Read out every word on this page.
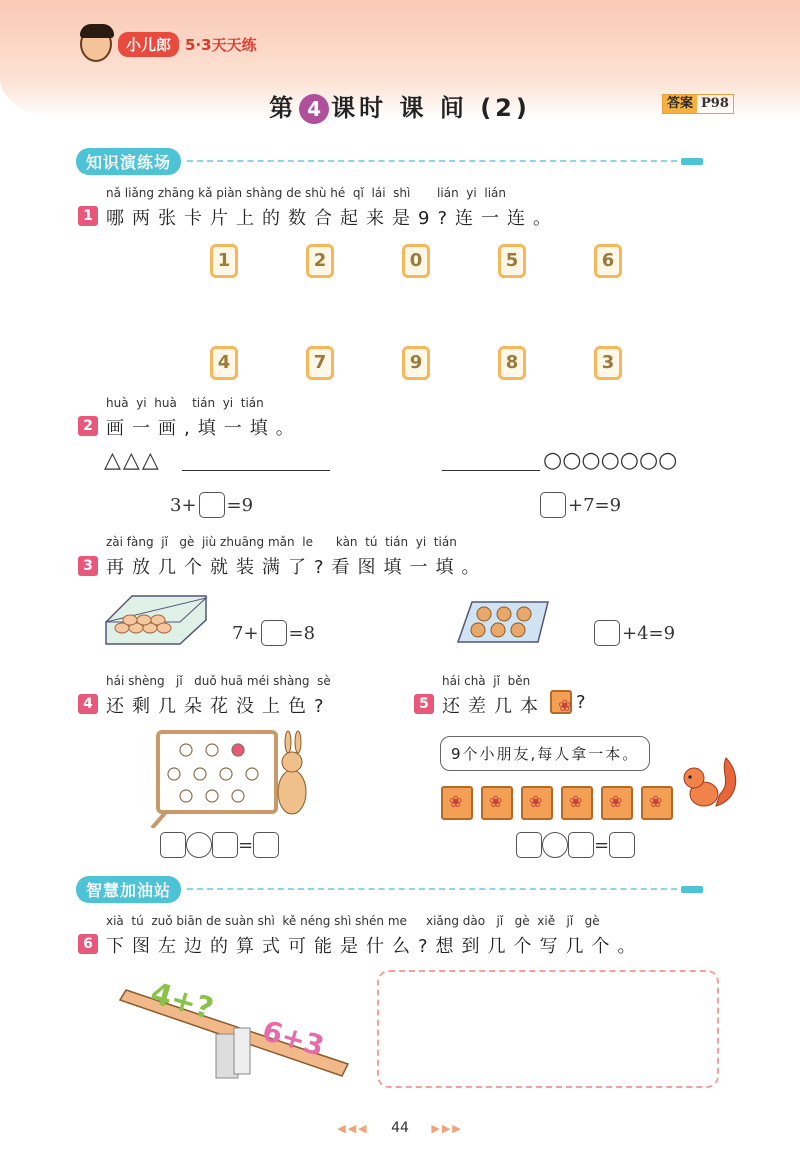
小儿郎 5·3天天练
第 4 课时 课 间 (2)	答案 P98
知识演练场
nǎ liǎng zhāng kǎ piàn shàng de shù hé  qǐ  lái  shì       lián  yi  lián
1 哪两张卡片上的数合起来是9?连一连。
1	2	0	5	6
4	7	9	8	3
huà  yi  huà    tián  yi  tián
2 画一画,填一填。
△△△	○○○○○○○
3+ =9	+7=9
zài fàng  jǐ   gè  jiù zhuāng mǎn  le      kàn  tú  tián  yi  tián
3 再放几个就装满了?看图填一填。
7+ =8	+4=9
hái shèng   jǐ   duǒ huā méi shàng  sè
4 还剩几朵花没上色?
=
hái chà  jǐ  běn
5 还差几本
❀ ?
9个小朋友,每人拿一本。
❀
❀
❀
❀
❀
❀
=
智慧加油站
xià  tú  zuǒ biān de suàn shì  kě néng shì shén me     xiǎng dào   jǐ   gè  xiě   jǐ   gè
6 下图左边的算式可能是什么?想到几个写几个。
4+?
6+3
◀◀◀ 44 ▶▶▶
